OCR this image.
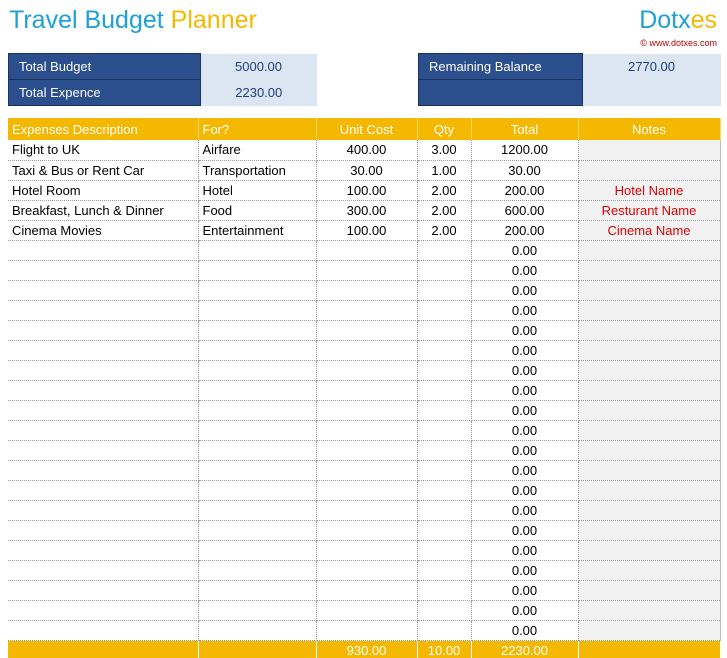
Travel Budget Planner	Dotxes
© www.dotxes.com
Total Budget	5000.00
Total Expence	2230.00
Remaining Balance	2770.00

Expenses Description	For?	Unit Cost	Qty	Total	Notes
Flight to UK	Airfare	400.00	3.00	1200.00	
Taxi & Bus or Rent Car	Transportation	30.00	1.00	30.00	
Hotel Room	Hotel	100.00	2.00	200.00	Hotel Name
Breakfast, Lunch & Dinner	Food	300.00	2.00	600.00	Resturant Name
Cinema Movies	Entertainment	100.00	2.00	200.00	Cinema Name
				0.00	
				0.00	
				0.00	
				0.00	
				0.00	
				0.00	
				0.00	
				0.00	
				0.00	
				0.00	
				0.00	
				0.00	
				0.00	
				0.00	
				0.00	
				0.00	
				0.00	
				0.00	
				0.00	
				0.00	
		930.00	10.00	2230.00	
